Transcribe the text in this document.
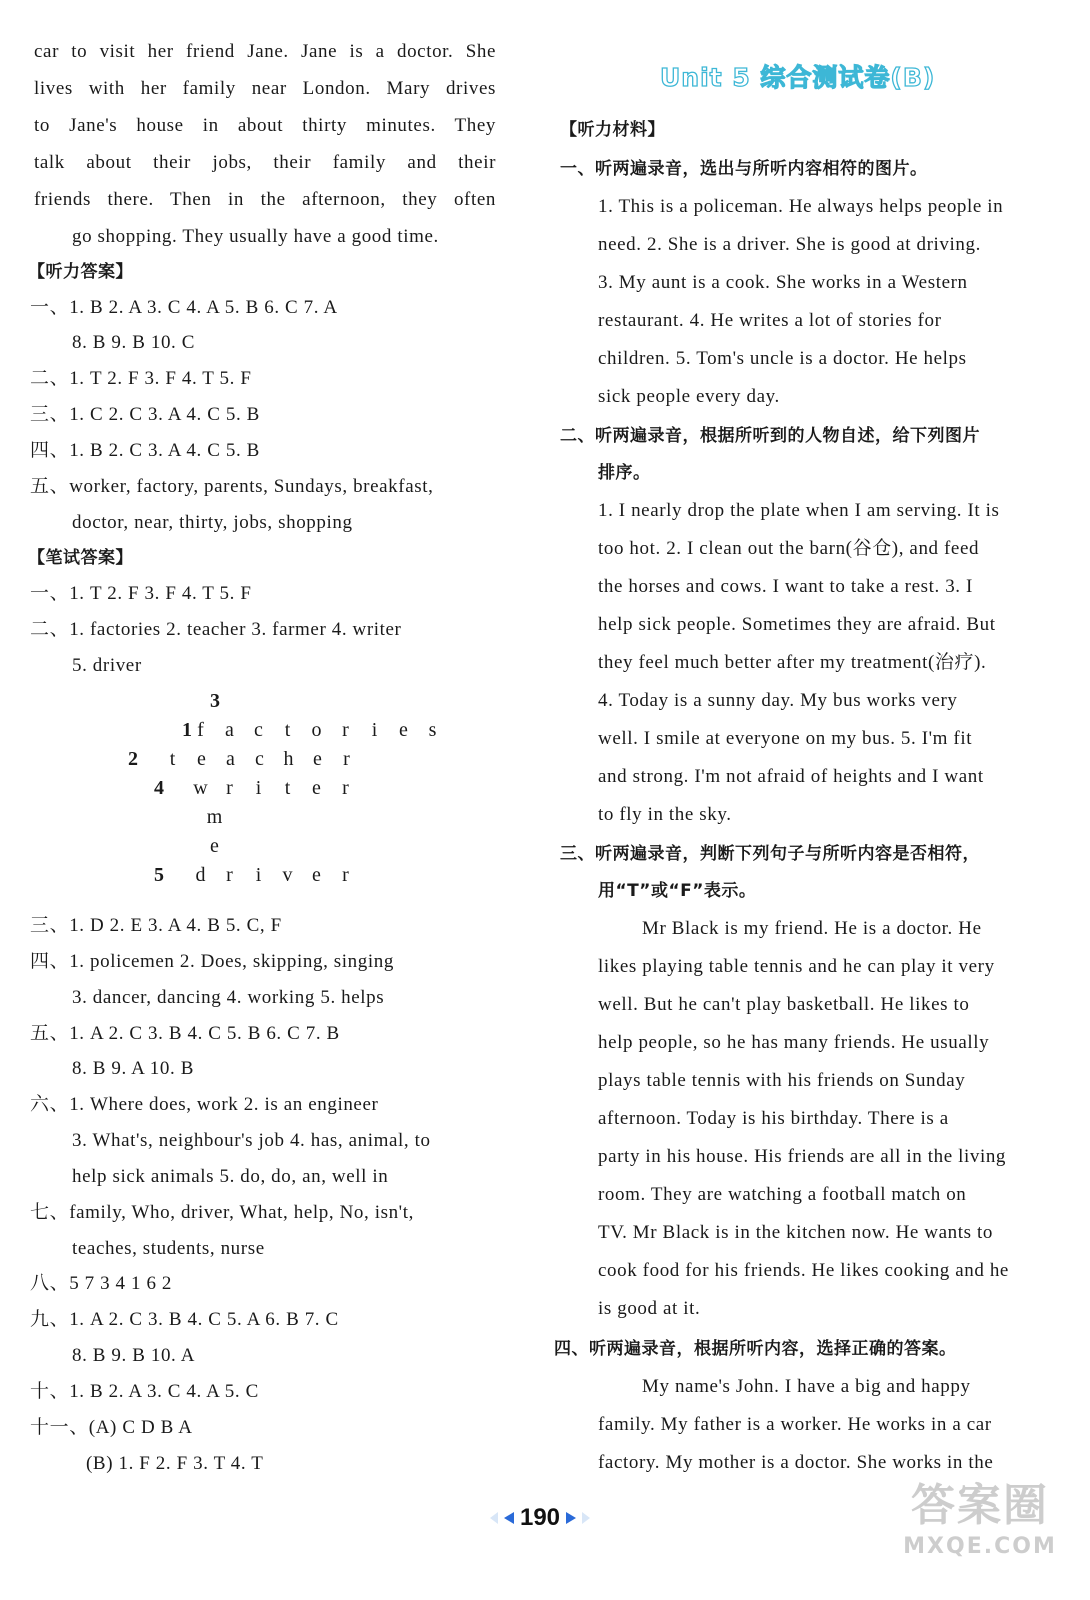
car to visit her friend Jane. Jane is a doctor. She
lives with her family near London. Mary drives
to Jane's house in about thirty minutes. They
talk about their jobs, their family and their
friends there. Then in the afternoon, they often
go shopping. They usually have a good time.
【听力答案】
一、1. B 2. A 3. C 4. A 5. B 6. C 7. A
8. B 9. B 10. C
二、1. T 2. F 3. F 4. T 5. F
三、1. C 2. C 3. A 4. C 5. B
四、1. B 2. C 3. A 4. C 5. B
五、worker, factory, parents, Sundays, breakfast,
doctor, near, thirty, jobs, shopping
【笔试答案】
一、1. T 2. F 3. F 4. T 5. F
二、1. factories 2. teacher 3. farmer 4. writer
5. driver
3
1 f a c t o r i e s
2	t e a c h e r
4	w r i t e r
m
e
5	d r i v e r
三、1. D 2. E 3. A 4. B 5. C, F
四、1. policemen 2. Does, skipping, singing
3. dancer, dancing 4. working 5. helps
五、1. A 2. C 3. B 4. C 5. B 6. C 7. B
8. B 9. A 10. B
六、1. Where does, work 2. is an engineer
3. What's, neighbour's job 4. has, animal, to
help sick animals 5. do, do, an, well in
七、family, Who, driver, What, help, No, isn't,
teaches, students, nurse
八、5 7 3 4 1 6 2
九、1. A 2. C 3. B 4. C 5. A 6. B 7. C
8. B 9. B 10. A
十、1. B 2. A 3. C 4. A 5. C
十一、(A) C D B A
(B) 1. F 2. F 3. T 4. T
Unit 5 综合测试卷(B)
【听力材料】
一、听两遍录音，选出与所听内容相符的图片。
1. This is a policeman. He always helps people in
need. 2. She is a driver. She is good at driving.
3. My aunt is a cook. She works in a Western
restaurant. 4. He writes a lot of stories for
children. 5. Tom's uncle is a doctor. He helps
sick people every day.
二、听两遍录音，根据所听到的人物自述，给下列图片
排序。
1. I nearly drop the plate when I am serving. It is
too hot. 2. I clean out the barn(谷仓), and feed
the horses and cows. I want to take a rest. 3. I
help sick people. Sometimes they are afraid. But
they feel much better after my treatment(治疗).
4. Today is a sunny day. My bus works very
well. I smile at everyone on my bus. 5. I'm fit
and strong. I'm not afraid of heights and I want
to fly in the sky.
三、听两遍录音，判断下列句子与所听内容是否相符，
用“T”或“F”表示。
Mr Black is my friend. He is a doctor. He
likes playing table tennis and he can play it very
well. But he can't play basketball. He likes to
help people, so he has many friends. He usually
plays table tennis with his friends on Sunday
afternoon. Today is his birthday. There is a
party in his house. His friends are all in the living
room. They are watching a football match on
TV. Mr Black is in the kitchen now. He wants to
cook food for his friends. He likes cooking and he
is good at it.
四、听两遍录音，根据所听内容，选择正确的答案。
My name's John. I have a big and happy
family. My father is a worker. He works in a car
factory. My mother is a doctor. She works in the
190	答案圈
MXQE.COM
